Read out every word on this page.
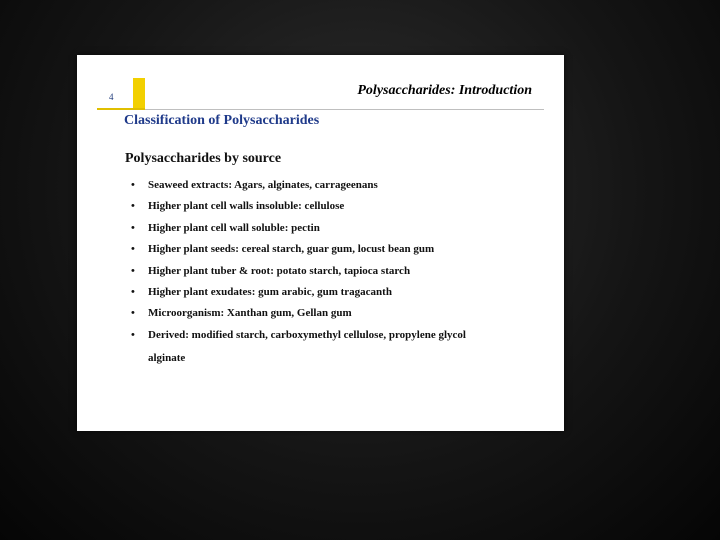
4	Polysaccharides: Introduction
Classification of Polysaccharides
Polysaccharides by source
• Seaweed extracts: Agars, alginates, carrageenans
• Higher plant cell walls insoluble: cellulose
• Higher plant cell wall soluble: pectin
• Higher plant seeds: cereal starch, guar gum, locust bean gum
• Higher plant tuber & root: potato starch, tapioca starch
• Higher plant exudates: gum arabic, gum tragacanth
• Microorganism: Xanthan gum, Gellan gum
• Derived: modified starch, carboxymethyl cellulose, propylene glycol
alginate
